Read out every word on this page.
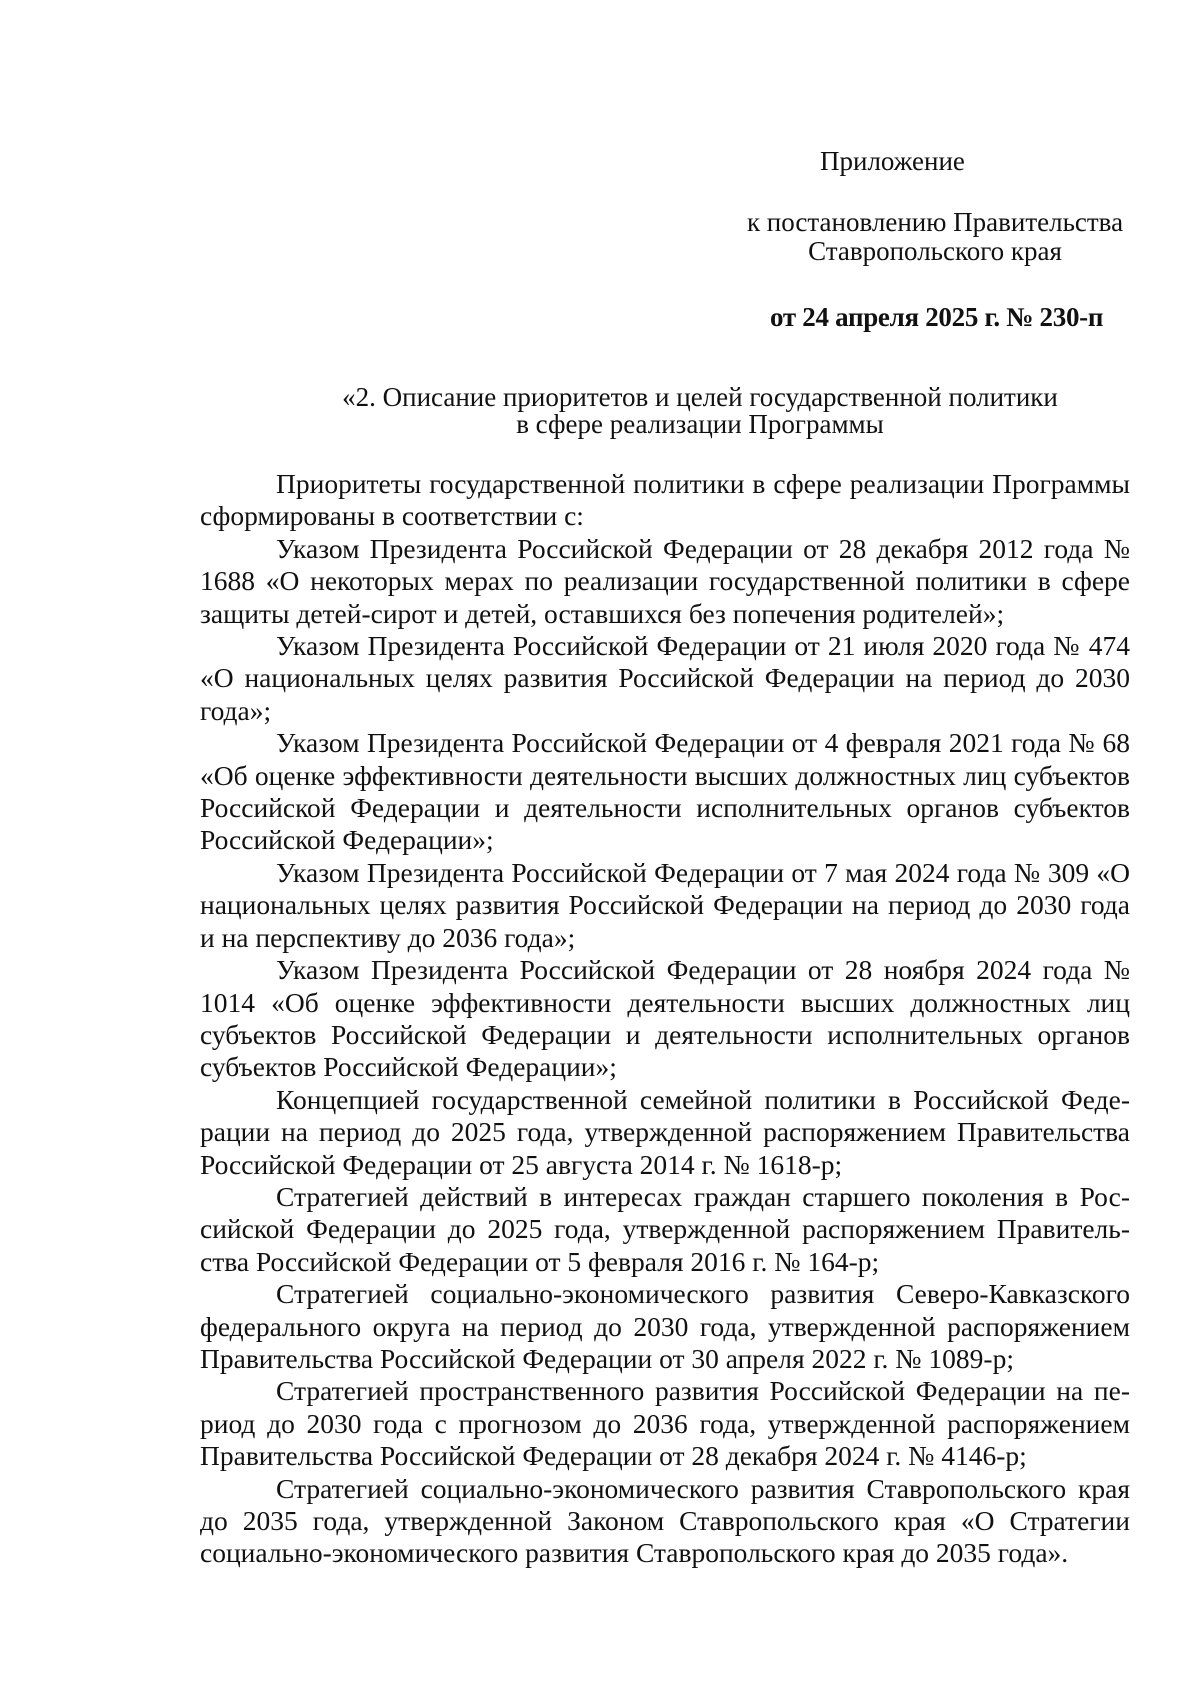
Приложение
к постановлению Правительства
Ставропольского края
от 24 апреля 2025 г. № 230-п
«2. Описание приоритетов и целей государственной политики
в сфере реализации Программы

Приоритеты государственной политики в сфере реализации Программы сформированы в соответствии с:

Указом Президента Российской Федерации от 28 декабря 2012 года № 1688 «О некоторых мерах по реализации государственной политики в сфере защиты детей-сирот и детей, оставшихся без попечения родителей»;

Указом Президента Российской Федерации от 21 июля 2020 года № 474 «О национальных целях развития Российской Федерации на период до 2030 года»;

Указом Президента Российской Федерации от 4 февраля 2021 года № 68 «Об оценке эффективности деятельности высших должностных лиц субъектов Российской Федерации и деятельности исполнительных органов субъектов Российской Федерации»;

Указом Президента Российской Федерации от 7 мая 2024 года № 309 «О национальных целях развития Российской Федерации на период до 2030 года и на перспективу до 2036 года»;

Указом Президента Российской Федерации от 28 ноября 2024 года № 1014 «Об оценке эффективности деятельности высших должностных лиц субъектов Российской Федерации и деятельности исполнительных органов субъектов Российской Федерации»;

Концепцией государственной семейной политики в Российской Федерации на период до 2025 года, утвержденной распоряжением Правительства Российской Федерации от 25 августа 2014 г. № 1618-р;

Стратегией действий в интересах граждан старшего поколения в Российской Федерации до 2025 года, утвержденной распоряжением Правительства Российской Федерации от 5 февраля 2016 г. № 164-р;

Стратегией социально-экономического развития Северо-Кавказского федерального округа на период до 2030 года, утвержденной распоряжением Правительства Российской Федерации от 30 апреля 2022 г. № 1089-р;

Стратегией пространственного развития Российской Федерации на период до 2030 года с прогнозом до 2036 года, утвержденной распоряжением Правительства Российской Федерации от 28 декабря 2024 г. № 4146-р;

Стратегией социально-экономического развития Ставропольского края до 2035 года, утвержденной Законом Ставропольского края «О Стратегии социально-экономического развития Ставропольского края до 2035 года».
